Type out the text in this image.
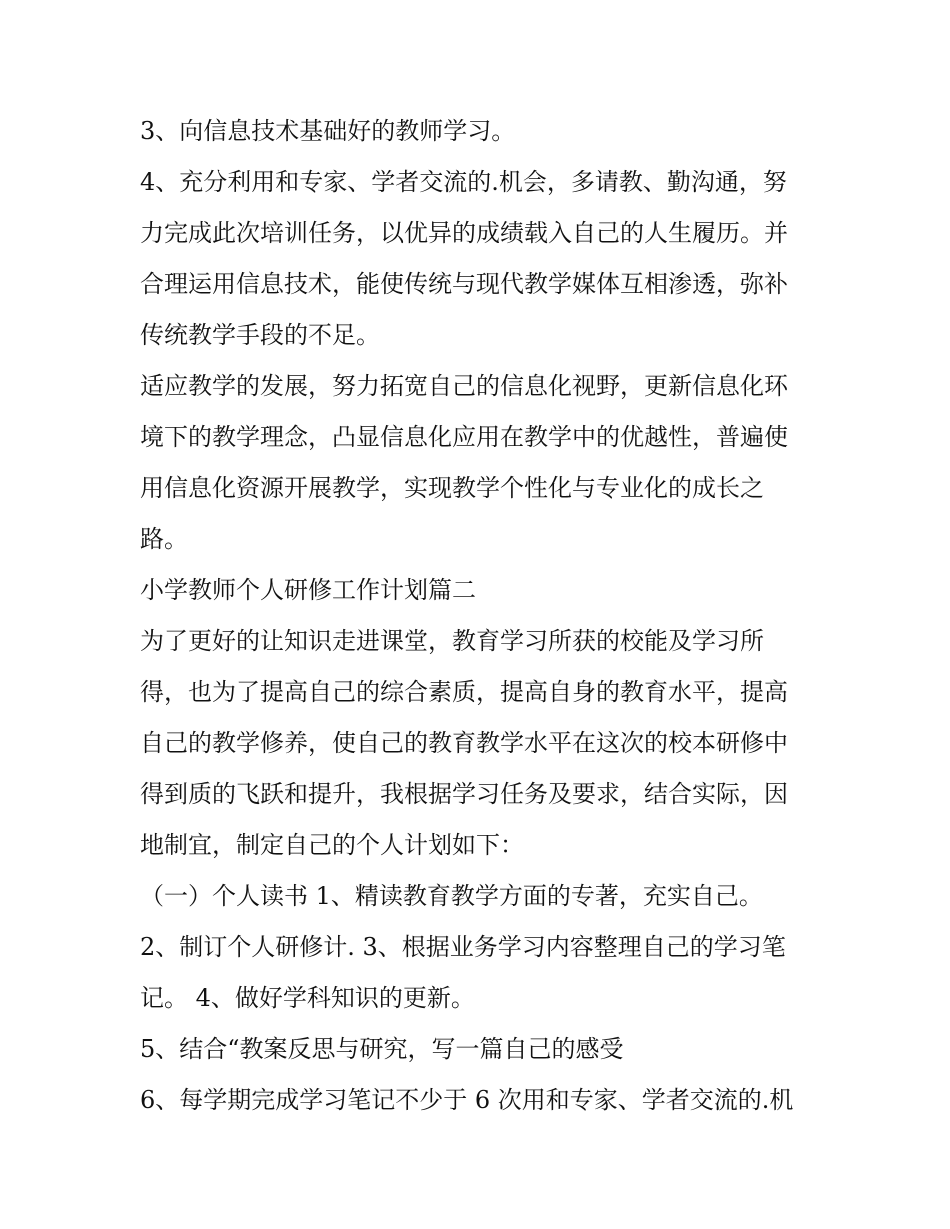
3、向信息技术基础好的教师学习。
4、充分利用和专家、学者交流的.机会，多请教、勤沟通，努
力完成此次培训任务，以优异的成绩载入自己的人生履历。并
合理运用信息技术，能使传统与现代教学媒体互相渗透，弥补
传统教学手段的不足。
适应教学的发展，努力拓宽自己的信息化视野，更新信息化环
境下的教学理念，凸显信息化应用在教学中的优越性，普遍使
用信息化资源开展教学，实现教学个性化与专业化的成长之
路。
小学教师个人研修工作计划篇二
为了更好的让知识走进课堂，教育学习所获的校能及学习所
得，也为了提高自己的综合素质，提高自身的教育水平，提高
自己的教学修养，使自己的教育教学水平在这次的校本研修中
得到质的飞跃和提升，我根据学习任务及要求，结合实际，因
地制宜，制定自己的个人计划如下：
（一）个人读书 1、精读教育教学方面的专著，充实自己。
2、制订个人研修计. 3、根据业务学习内容整理自己的学习笔
记。 4、做好学科知识的更新。
5、结合“教案反思与研究，写一篇自己的感受
6、每学期完成学习笔记不少于 6 次用和专家、学者交流的.机
